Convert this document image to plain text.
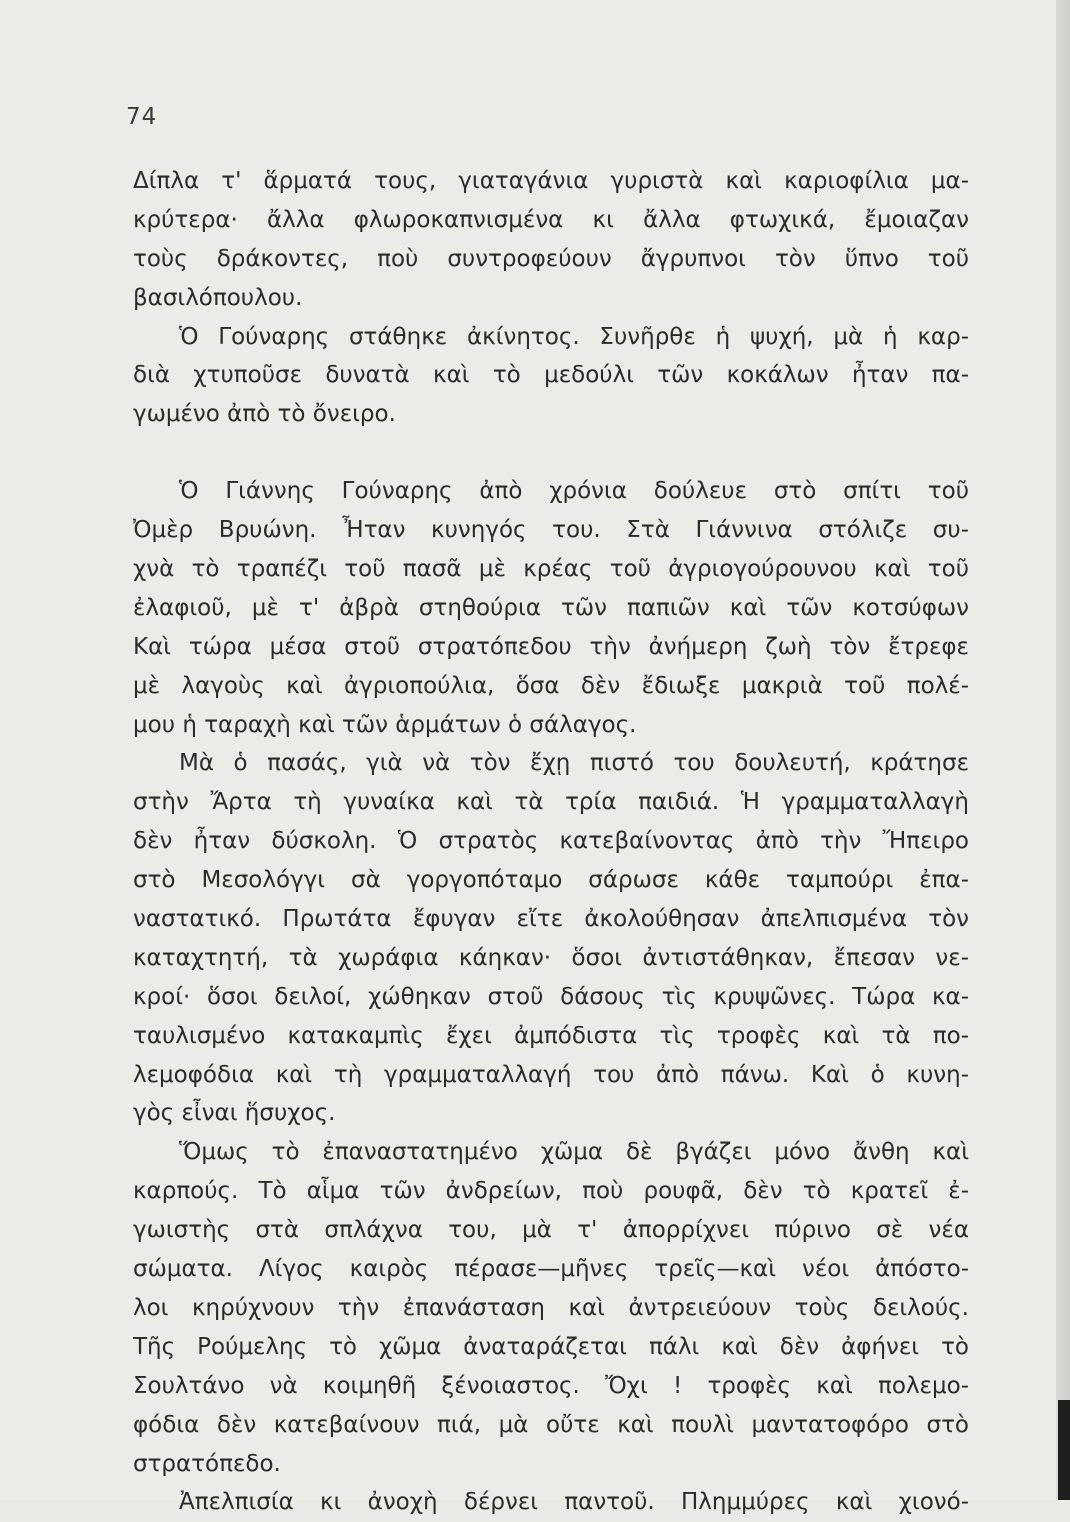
74
Δίπλα τ' ἅρματά τους, γιαταγάνια γυριστὰ καὶ καριοφίλια μα-
κρύτερα· ἄλλα φλωροκαπνισμένα κι ἄλλα φτωχικά, ἔμοιαζαν
τοὺς δράκοντες, ποὺ συντροφεύουν ἄγρυπνοι τὸν ὕπνο τοῦ
βασιλόπουλου.
Ὁ Γούναρης στάθηκε ἀκίνητος. Συνῆρθε ἡ ψυχή, μὰ ἡ καρ-
διὰ χτυποῦσε δυνατὰ καὶ τὸ μεδούλι τῶν κοκάλων ἦταν πα-
γωμένο ἀπὸ τὸ ὄνειρο.
Ὁ Γιάννης Γούναρης ἀπὸ χρόνια δούλευε στὸ σπίτι τοῦ
Ὀμὲρ Βρυώνη. Ἦταν κυνηγός του. Στὰ Γιάννινα στόλιζε συ-
χνὰ τὸ τραπέζι τοῦ πασᾶ μὲ κρέας τοῦ ἀγριογούρουνου καὶ τοῦ
ἐλαφιοῦ, μὲ τ' ἀβρὰ στηθούρια τῶν παπιῶν καὶ τῶν κοτσύφων
Καὶ τώρα μέσα στοῦ στρατόπεδου τὴν ἀνήμερη ζωὴ τὸν ἔτρεφε
μὲ λαγοὺς καὶ ἀγριοπούλια, ὅσα δὲν ἔδιωξε μακριὰ τοῦ πολέ-
μου ἡ ταραχὴ καὶ τῶν ἁρμάτων ὁ σάλαγος.
Μὰ ὁ πασάς, γιὰ νὰ τὸν ἔχῃ πιστό του δουλευτή, κράτησε
στὴν Ἄρτα τὴ γυναίκα καὶ τὰ τρία παιδιά. Ἡ γραμματαλλαγὴ
δὲν ἦταν δύσκολη. Ὁ στρατὸς κατεβαίνοντας ἀπὸ τὴν Ἤπειρο
στὸ Μεσολόγγι σὰ γοργοπόταμο σάρωσε κάθε ταμπούρι ἐπα-
ναστατικό. Πρωτάτα ἔφυγαν εἴτε ἀκολούθησαν ἀπελπισμένα τὸν
καταχτητή, τὰ χωράφια κάηκαν· ὅσοι ἀντιστάθηκαν, ἔπεσαν νε-
κροί· ὅσοι δειλοί, χώθηκαν στοῦ δάσους τὶς κρυψῶνες. Τώρα κα-
ταυλισμένο κατακαμπὶς ἔχει ἀμπόδιστα τὶς τροφὲς καὶ τὰ πο-
λεμοφόδια καὶ τὴ γραμματαλλαγή του ἀπὸ πάνω. Καὶ ὁ κυνη-
γὸς εἶναι ἥσυχος.
Ὅμως τὸ ἐπαναστατημένο χῶμα δὲ βγάζει μόνο ἄνθη καὶ
καρπούς. Τὸ αἷμα τῶν ἀνδρείων, ποὺ ρουφᾶ, δὲν τὸ κρατεῖ ἐ-
γωιστὴς στὰ σπλάχνα του, μὰ τ' ἀπορρίχνει πύρινο σὲ νέα
σώματα. Λίγος καιρὸς πέρασε—μῆνες τρεῖς—καὶ νέοι ἀπόστο-
λοι κηρύχνουν τὴν ἐπανάσταση καὶ ἀντρειεύουν τοὺς δειλούς.
Τῆς Ρούμελης τὸ χῶμα ἀναταράζεται πάλι καὶ δὲν ἀφήνει τὸ
Σουλτάνο νὰ κοιμηθῆ ξένοιαστος. Ὄχι ! τροφὲς καὶ πολεμο-
φόδια δὲν κατεβαίνουν πιά, μὰ οὔτε καὶ πουλὶ μαντατοφόρο στὸ
στρατόπεδο.
Ἀπελπισία κι ἀνοχὴ δέρνει παντοῦ. Πλημμύρες καὶ χιονό-
